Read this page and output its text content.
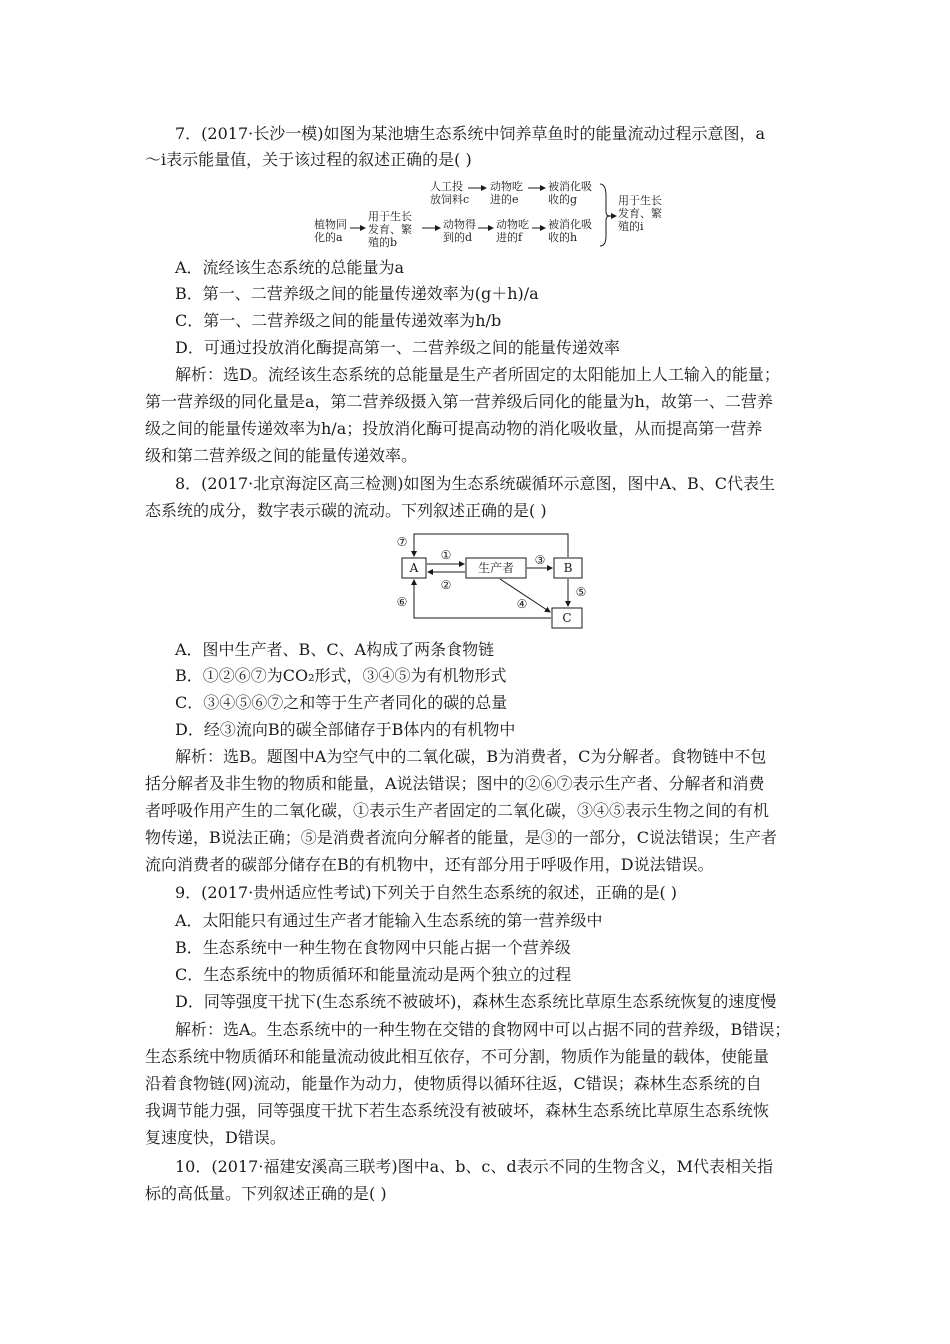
7．(2017·长沙一模)如图为某池塘生态系统中饲养草鱼时的能量流动过程示意图，a
～i表示能量值，关于该过程的叙述正确的是( )
人工投
放饲料c
动物吃
进的e
被消化吸
收的g	用于生长
发育、繁
殖的i
植物同
化的a
用于生长
发育、繁
殖的b
动物得
到的d
动物吃
进的f
被消化吸
收的h
A．流经该生态系统的总能量为a
B．第一、二营养级之间的能量传递效率为(g＋h)/a
C．第一、二营养级之间的能量传递效率为h/b
D．可通过投放消化酶提高第一、二营养级之间的能量传递效率
解析：选D。流经该生态系统的总能量是生产者所固定的太阳能加上人工输入的能量；
第一营养级的同化量是a，第二营养级摄入第一营养级后同化的能量为h，故第一、二营养
级之间的能量传递效率为h/a；投放消化酶可提高动物的消化吸收量，从而提高第一营养
级和第二营养级之间的能量传递效率。
8．(2017·北京海淀区高三检测)如图为生态系统碳循环示意图，图中A、B、C代表生
态系统的成分，数字表示碳的流动。下列叙述正确的是( )
A	生产者	B
C
①
②
③
④
⑤
⑥
⑦
A．图中生产者、B、C、A构成了两条食物链
B．①②⑥⑦为CO₂形式，③④⑤为有机物形式
C．③④⑤⑥⑦之和等于生产者同化的碳的总量
D．经③流向B的碳全部储存于B体内的有机物中
解析：选B。题图中A为空气中的二氧化碳，B为消费者，C为分解者。食物链中不包
括分解者及非生物的物质和能量，A说法错误；图中的②⑥⑦表示生产者、分解者和消费
者呼吸作用产生的二氧化碳，①表示生产者固定的二氧化碳，③④⑤表示生物之间的有机
物传递，B说法正确；⑤是消费者流向分解者的能量，是③的一部分，C说法错误；生产者
流向消费者的碳部分储存在B的有机物中，还有部分用于呼吸作用，D说法错误。
9．(2017·贵州适应性考试)下列关于自然生态系统的叙述，正确的是( )
A．太阳能只有通过生产者才能输入生态系统的第一营养级中
B．生态系统中一种生物在食物网中只能占据一个营养级
C．生态系统中的物质循环和能量流动是两个独立的过程
D．同等强度干扰下(生态系统不被破坏)，森林生态系统比草原生态系统恢复的速度慢
解析：选A。生态系统中的一种生物在交错的食物网中可以占据不同的营养级，B错误；
生态系统中物质循环和能量流动彼此相互依存，不可分割，物质作为能量的载体，使能量
沿着食物链(网)流动，能量作为动力，使物质得以循环往返，C错误；森林生态系统的自
我调节能力强，同等强度干扰下若生态系统没有被破坏，森林生态系统比草原生态系统恢
复速度快，D错误。
10．(2017·福建安溪高三联考)图中a、b、c、d表示不同的生物含义，M代表相关指
标的高低量。下列叙述正确的是( )
